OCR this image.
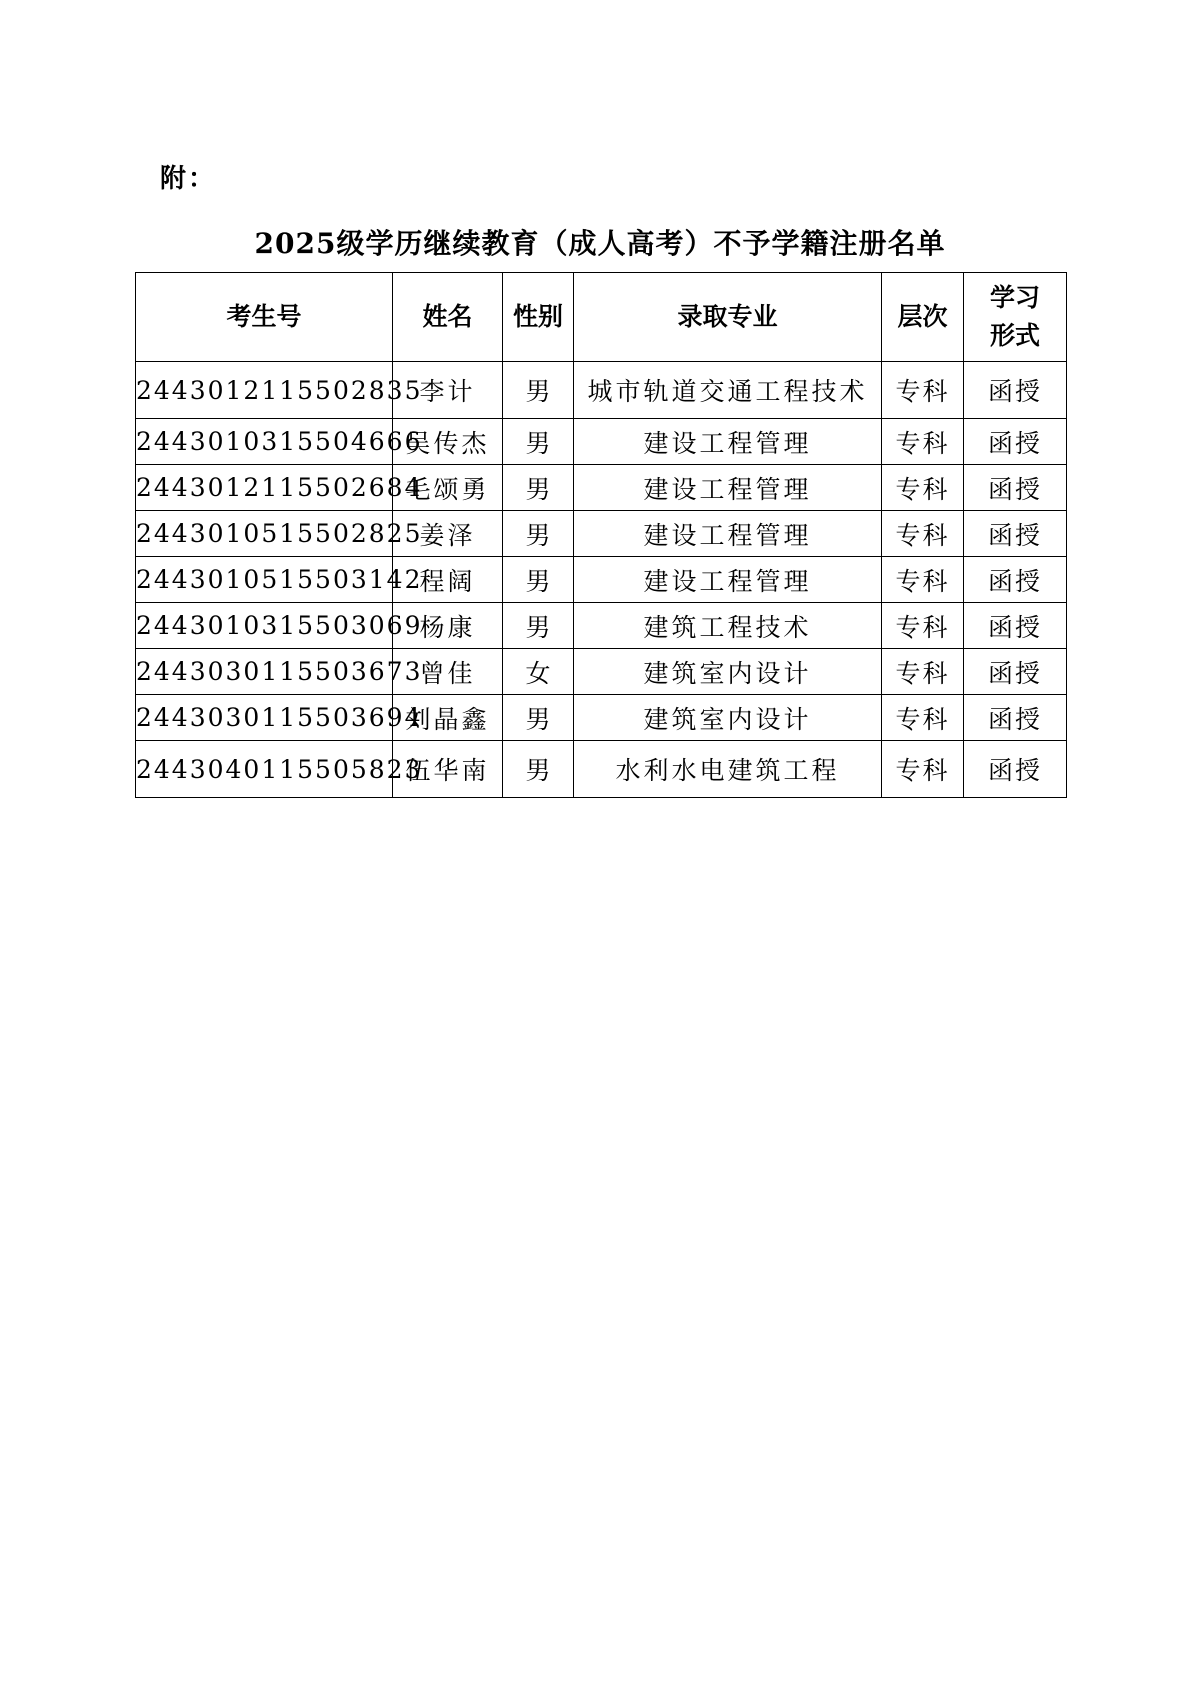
附：
2025级学历继续教育（成人高考）不予学籍注册名单
考生号	姓名	性别	录取专业	层次	学习形式
2443012115502835	李计	男	城市轨道交通工程技术	专科	函授
2443010315504666	吴传杰	男	建设工程管理	专科	函授
2443012115502684	毛颂勇	男	建设工程管理	专科	函授
2443010515502825	姜泽	男	建设工程管理	专科	函授
2443010515503142	程阔	男	建设工程管理	专科	函授
2443010315503069	杨康	男	建筑工程技术	专科	函授
2443030115503673	曾佳	女	建筑室内设计	专科	函授
2443030115503694	刘晶鑫	男	建筑室内设计	专科	函授
2443040115505823	伍华南	男	水利水电建筑工程	专科	函授
